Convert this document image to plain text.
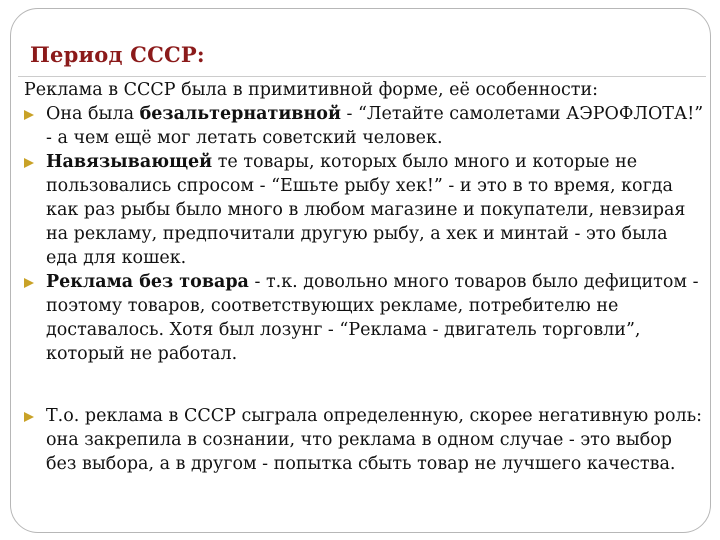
Период СССР:
Реклама в СССР была в примитивной форме, её особенности:
Она была безальтернативной - “Летайте самолетами АЭРОФЛОТА!” - а чем ещё мог летать советский человек.
Навязывающей те товары, которых было много и которые не пользовались спросом - “Ешьте рыбу хек!” - и это в то время, когда как раз рыбы было много в любом магазине и покупатели, невзирая на рекламу, предпочитали другую рыбу, а хек и минтай - это была еда для кошек.
Реклама без товара - т.к. довольно много товаров было дефицитом - поэтому товаров, соответствующих рекламе, потребителю не доставалось. Хотя был лозунг - “Реклама - двигатель торговли”, который не работал.
Т.о. реклама в СССР сыграла определенную, скорее негативную роль: она закрепила в сознании, что реклама в одном случае - это выбор без выбора, а в другом - попытка сбыть товар не лучшего качества.
